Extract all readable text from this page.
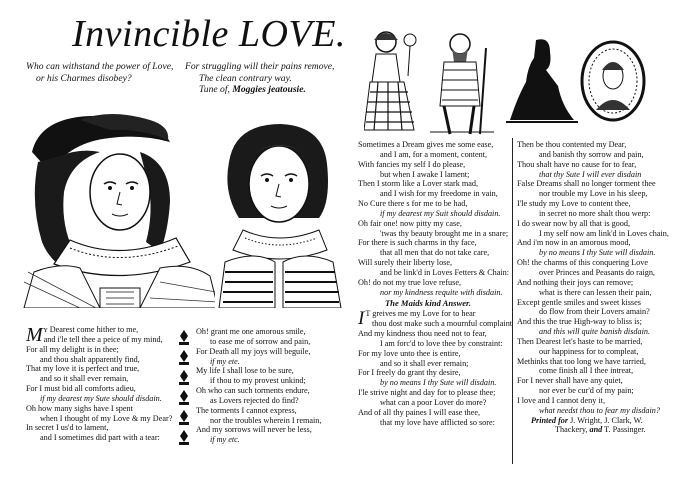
Invincible LOVE.
Who can withstand the power of Love,
or his Charmes disobey?
For struggling will their pains remove,
The clean contrary way.
Tune of, Moggies jeatousie.
M ʏ Dearest come hither to me,
and i'le tell thee a peice of my mind,
For all my delight is in thee;
and thou shalt apparently find,
That my love it is perfect and true,
and so it shall ever remain,
For I must bid all comforts adieu,
if my dearest my Sute should disdain.
Oh how many sighs have I spent
when I thought of my Love & my Dear?
In secret I us'd to lament,
and I sometimes did part with a tear:
Oh! grant me one amorous smile,
to ease me of sorrow and pain,
For Death all my joys will beguile,
if my ete.
My life I shall lose to be sure,
if thou to my provest unkind;
Oh who can such torments endure,
as Lovers rejected do find?
The torments I cannot express,
nor the troubles wherein I remain,
And my sorrows will never be less,
if my etc.
Sometimes a Dream gives me some ease,
and I am, for a moment, content,
With fancies my self I do please,
but when I awake I lament;
Then I storm like a Lover stark mad,
and I wish for my freedome in vain,
No Cure there s for me to be had,
if my dearest my Suit should disdain.
Oh fair one! now pitty my case,
'twas thy beauty brought me in a snare;
For there is such charms in thy face,
that all men that do not take care,
Will surely their liberty lose,
and be link'd in Loves Fetters & Chain:
Oh! do not my true love refuse,
nor my kindness requite with disdain.
The Maids kind Answer.
I T greives me my Love for to hear
thou dost make such a mournful complaint
And my kindness thou need not to fear,
I am forc'd to love thee by constraint:
For my love unto thee is entire,
and so it shall ever remain;
For I freely do grant thy desire,
by no means I thy Sute will disdain.
I'le strive night and day for to please thee;
what can a poor Lover do more?
And of all thy paines I will ease thee,
that my love have afflicted so sore:
Then be thou contented my Dear,
and banish thy sorrow and pain,
Thou shalt have no cause for to fear,
that thy Sute I will ever disdain
False Dreams shall no longer torment thee
nor trouble my Love in his sleep,
I'le study my Love to content thee,
in secret no more shalt thou werp:
I do swear now by all that is good,
I my self now am link'd in Loves chain,
And i'm now in an amorous mood,
by no means I thy Sute will disdain.
Oh! the charms of this conquering Love
over Princes and Peasants do raign,
And nothing their joys can remove;
what is there can lessen their pain,
Except gentle smiles and sweet kisses
do flow from their Lovers amain?
And this the true High-way to bliss is;
and this will quite banish disdain.
Then Dearest let's haste to be married,
our happiness for to compleat,
Methinks that too long we have tarried,
come finish all I thee intreat,
For I never shall have any quiet,
nor ever be cur'd of my pain;
I love and I cannot deny it,
what needst thou to fear my disdain?
Printed for J. Wright, J. Clark, W.
Thackery, and T. Passinger.
